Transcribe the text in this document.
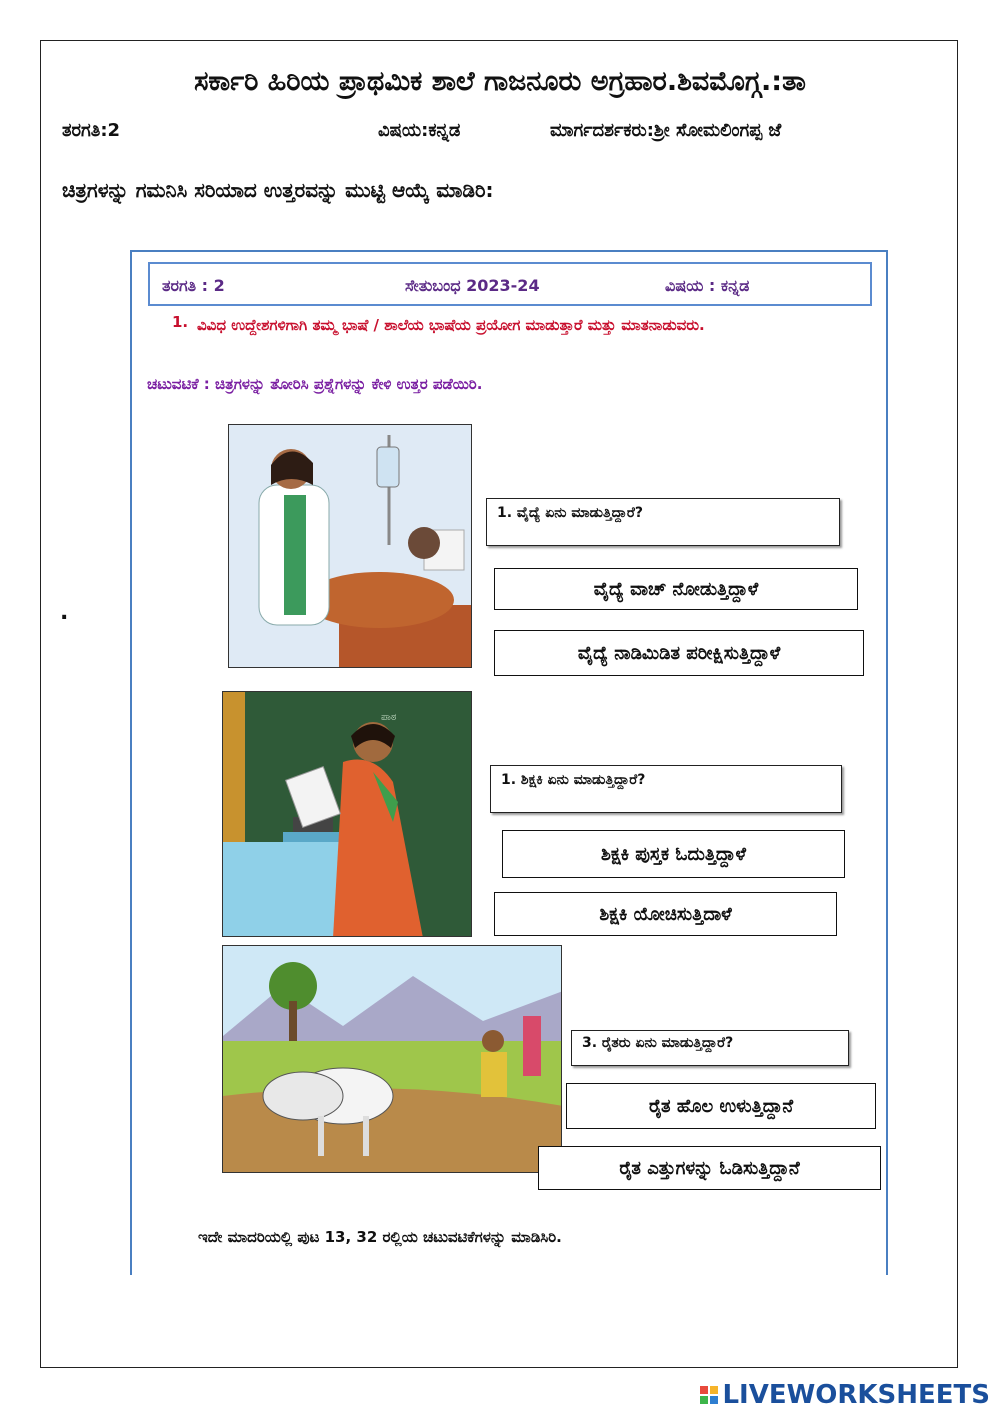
ಸರ್ಕಾರಿ ಹಿರಿಯ ಪ್ರಾಥಮಿಕ ಶಾಲೆ ಗಾಜನೂರು ಅಗ್ರಹಾರ.ಶಿವಮೊಗ್ಗ.:ತಾ
ತರಗತಿ:2	ವಿಷಯ:ಕನ್ನಡ	ಮಾರ್ಗದರ್ಶಕರು:ಶ್ರೀ ಸೋಮಲಿಂಗಪ್ಪ ಜೆ
ಚಿತ್ರಗಳನ್ನು ಗಮನಿಸಿ ಸರಿಯಾದ ಉತ್ತರವನ್ನು ಮುಟ್ಟಿ ಆಯ್ಕೆ ಮಾಡಿರಿ:
.
ತರಗತಿ : 2	ಸೇತುಬಂಧ 2023-24	ವಿಷಯ : ಕನ್ನಡ
1. ವಿವಿಧ ಉದ್ದೇಶಗಳಿಗಾಗಿ ತಮ್ಮ ಭಾಷೆ / ಶಾಲೆಯ ಭಾಷೆಯ ಪ್ರಯೋಗ ಮಾಡುತ್ತಾರೆ ಮತ್ತು ಮಾತನಾಡುವರು.
ಚಟುವಟಿಕೆ : ಚಿತ್ರಗಳನ್ನು ತೋರಿಸಿ ಪ್ರಶ್ನೆಗಳನ್ನು ಕೇಳಿ ಉತ್ತರ ಪಡೆಯಿರಿ.
1. ವೈದ್ಯೆ ಏನು ಮಾಡುತ್ತಿದ್ದಾರೆ?
ವೈದ್ಯೆ ವಾಚ್ ನೋಡುತ್ತಿದ್ದಾಳೆ
ವೈದ್ಯೆ ನಾಡಿಮಿಡಿತ ಪರೀಕ್ಷಿಸುತ್ತಿದ್ದಾಳೆ
ಪಾಠ
1. ಶಿಕ್ಷಕಿ ಏನು ಮಾಡುತ್ತಿದ್ದಾರೆ?
ಶಿಕ್ಷಕಿ ಪುಸ್ತಕ ಓದುತ್ತಿದ್ದಾಳೆ
ಶಿಕ್ಷಕಿ ಯೋಚಿಸುತ್ತಿದಾಳೆ
3. ರೈತರು ಏನು ಮಾಡುತ್ತಿದ್ದಾರೆ?
ರೈತ ಹೊಲ ಉಳುತ್ತಿದ್ದಾನೆ
ರೈತ ಎತ್ತುಗಳನ್ನು ಓಡಿಸುತ್ತಿದ್ದಾನೆ
ಇದೇ ಮಾದರಿಯಲ್ಲಿ ಪುಟ 13, 32 ರಲ್ಲಿಯ ಚಟುವಟಿಕೆಗಳನ್ನು ಮಾಡಿಸಿರಿ.
LIVEWORKSHEETS
